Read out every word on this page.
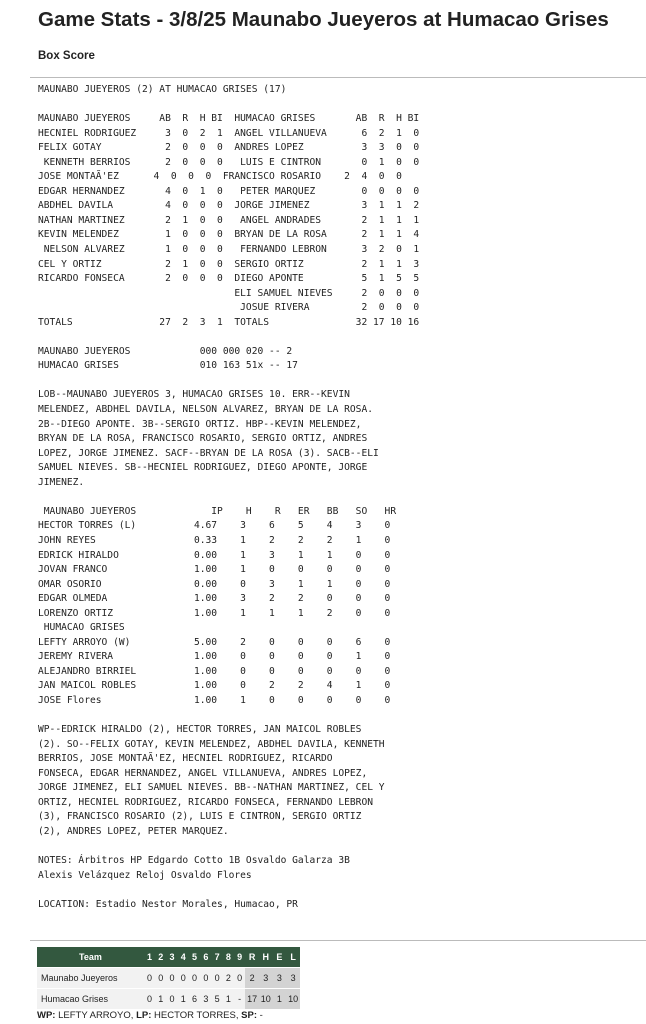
Game Stats - 3/8/25 Maunabo Jueyeros at Humacao Grises
Box Score
MAUNABO JUEYEROS (2) AT HUMACAO GRISES (17)

MAUNABO JUEYEROS     AB  R  H BI  HUMACAO GRISES       AB  R  H BI
HECNIEL RODRIGUEZ     3  0  2  1  ANGEL VILLANUEVA      6  2  1  0
FELIX GOTAY           2  0  0  0  ANDRES LOPEZ          3  3  0  0
KENNETH BERRIOS      2  0  0  0   LUIS E CINTRON       0  1  0  0
JOSE MONTAÃ'EZ      4  0  0  0  FRANCISCO ROSARIO    2  4  0  0
EDGAR HERNANDEZ       4  0  1  0   PETER MARQUEZ        0  0  0  0
ABDHEL DAVILA         4  0  0  0  JORGE JIMENEZ         3  1  1  2
NATHAN MARTINEZ       2  1  0  0   ANGEL ANDRADES       2  1  1  1
KEVIN MELENDEZ        1  0  0  0  BRYAN DE LA ROSA      2  1  1  4
NELSON ALVAREZ       1  0  0  0   FERNANDO LEBRON      3  2  0  1
CEL Y ORTIZ           2  1  0  0  SERGIO ORTIZ          2  1  1  3
RICARDO FONSECA       2  0  0  0  DIEGO APONTE          5  1  5  5
ELI SAMUEL NIEVES     2  0  0  0
JOSUE RIVERA         2  0  0  0
TOTALS               27  2  3  1  TOTALS               32 17 10 16

MAUNABO JUEYEROS            000 000 020 -- 2
HUMACAO GRISES              010 163 51x -- 17

LOB--MAUNABO JUEYEROS 3, HUMACAO GRISES 10. ERR--KEVIN
MELENDEZ, ABDHEL DAVILA, NELSON ALVAREZ, BRYAN DE LA ROSA.
2B--DIEGO APONTE. 3B--SERGIO ORTIZ. HBP--KEVIN MELENDEZ,
BRYAN DE LA ROSA, FRANCISCO ROSARIO, SERGIO ORTIZ, ANDRES
LOPEZ, JORGE JIMENEZ. SACF--BRYAN DE LA ROSA (3). SACB--ELI
SAMUEL NIEVES. SB--HECNIEL RODRIGUEZ, DIEGO APONTE, JORGE
JIMENEZ.

MAUNABO JUEYEROS             IP    H    R   ER   BB   SO   HR
HECTOR TORRES (L)          4.67    3    6    5    4    3    0
JOHN REYES                 0.33    1    2    2    2    1    0
EDRICK HIRALDO             0.00    1    3    1    1    0    0
JOVAN FRANCO               1.00    1    0    0    0    0    0
OMAR OSORIO                0.00    0    3    1    1    0    0
EDGAR OLMEDA               1.00    3    2    2    0    0    0
LORENZO ORTIZ              1.00    1    1    1    2    0    0
HUMACAO GRISES
LEFTY ARROYO (W)           5.00    2    0    0    0    6    0
JEREMY RIVERA              1.00    0    0    0    0    1    0
ALEJANDRO BIRRIEL          1.00    0    0    0    0    0    0
JAN MAICOL ROBLES          1.00    0    2    2    4    1    0
JOSE Flores                1.00    1    0    0    0    0    0

WP--EDRICK HIRALDO (2), HECTOR TORRES, JAN MAICOL ROBLES
(2). SO--FELIX GOTAY, KEVIN MELENDEZ, ABDHEL DAVILA, KENNETH
BERRIOS, JOSE MONTAÃ'EZ, HECNIEL RODRIGUEZ, RICARDO
FONSECA, EDGAR HERNANDEZ, ANGEL VILLANUEVA, ANDRES LOPEZ,
JORGE JIMENEZ, ELI SAMUEL NIEVES. BB--NATHAN MARTINEZ, CEL Y
ORTIZ, HECNIEL RODRIGUEZ, RICARDO FONSECA, FERNANDO LEBRON
(3), FRANCISCO ROSARIO (2), LUIS E CINTRON, SERGIO ORTIZ
(2), ANDRES LOPEZ, PETER MARQUEZ.

NOTES: Árbitros HP Edgardo Cotto 1B Osvaldo Galarza 3B
Alexis Velázquez Reloj Osvaldo Flores

LOCATION: Estadio Nestor Morales, Humacao, PR
Team	1	2	3	4	5	6	7	8	9	R	H	E	L
Maunabo Jueyeros	0	0	0	0	0	0	0	2	0	2	3	3	3
Humacao Grises	0	1	0	1	6	3	5	1	-	17	10	1	10
WP: LEFTY ARROYO, LP: HECTOR TORRES, SP: -
